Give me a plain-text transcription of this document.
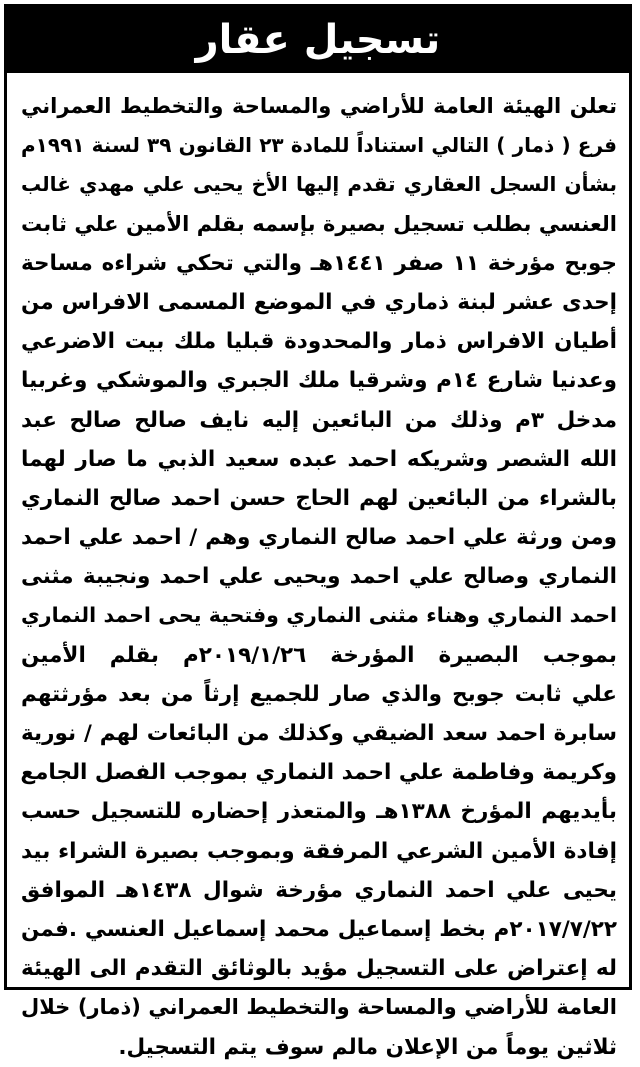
تسجيل عقار
تعلن الهيئة العامة للأراضي والمساحة والتخطيط العمراني
فرع ( ذمار ) التالي استناداً للمادة ٢٣ القانون ٣٩ لسنة ١٩٩١م
بشأن السجل العقاري تقدم إليها الأخ يحيى علي مهدي غالب
العنسي بطلب تسجيل بصيرة بإسمه بقلم الأمين علي ثابت
جوبح مؤرخة ١١ صفر ١٤٤١هـ والتي تحكي شراءه مساحة
إحدى عشر لبنة ذماري في الموضع المسمى الافراس من
أطيان الافراس ذمار والمحدودة قبليا ملك بيت الاضرعي
وعدنيا شارع ١٤م وشرقيا ملك الجبري والموشكي وغربيا
مدخل ٣م وذلك من البائعين إليه نايف صالح صالح عبد
الله الشصر وشريكه احمد عبده سعيد الذبي ما صار لهما
بالشراء من البائعين لهم الحاج حسن احمد صالح النماري
ومن ورثة علي احمد صالح النماري وهم / احمد علي احمد
النماري وصالح علي احمد ويحيى علي احمد ونجيبة مثنى
احمد النماري وهناء مثنى النماري وفتحية يحى احمد النماري
بموجب البصيرة المؤرخة ٢٠١٩/١/٢٦م بقلم الأمين
علي ثابت جوبح والذي صار للجميع إرثاً من بعد مؤرثتهم
سابرة احمد سعد الضيقي وكذلك من البائعات لهم / نورية
وكريمة وفاطمة علي احمد النماري بموجب الفصل الجامع
بأيديهم المؤرخ ١٣٨٨هـ والمتعذر إحضاره للتسجيل حسب
إفادة الأمين الشرعي المرفقة وبموجب بصيرة الشراء بيد
يحيى علي احمد النماري مؤرخة شوال ١٤٣٨هـ الموافق
٢٠١٧/٧/٢٢م بخط إسماعيل محمد إسماعيل العنسي .فمن
له إعتراض على التسجيل مؤيد بالوثائق التقدم الى الهيئة
العامة للأراضي والمساحة والتخطيط العمراني (ذمار) خلال
ثلاثين يوماً من الإعلان مالم سوف يتم التسجيل.
